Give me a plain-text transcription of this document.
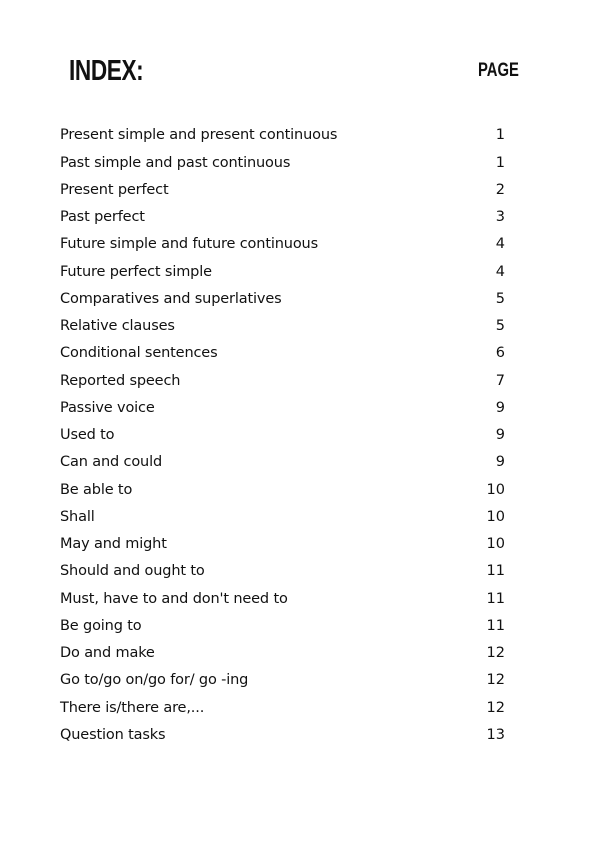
INDEX:	PAGE
Present simple and present continuous	1
Past simple and past continuous	1
Present perfect	2
Past perfect	3
Future simple and future continuous	4
Future perfect simple	4
Comparatives and superlatives	5
Relative clauses	5
Conditional sentences	6
Reported speech	7
Passive voice	9
Used to	9
Can and could	9
Be able to	10
Shall	10
May and might	10
Should and ought to	11
Must, have to and don't need to	11
Be going to	11
Do and make	12
Go to/go on/go for/ go -ing	12
There is/there are,...	12
Question tasks	13
